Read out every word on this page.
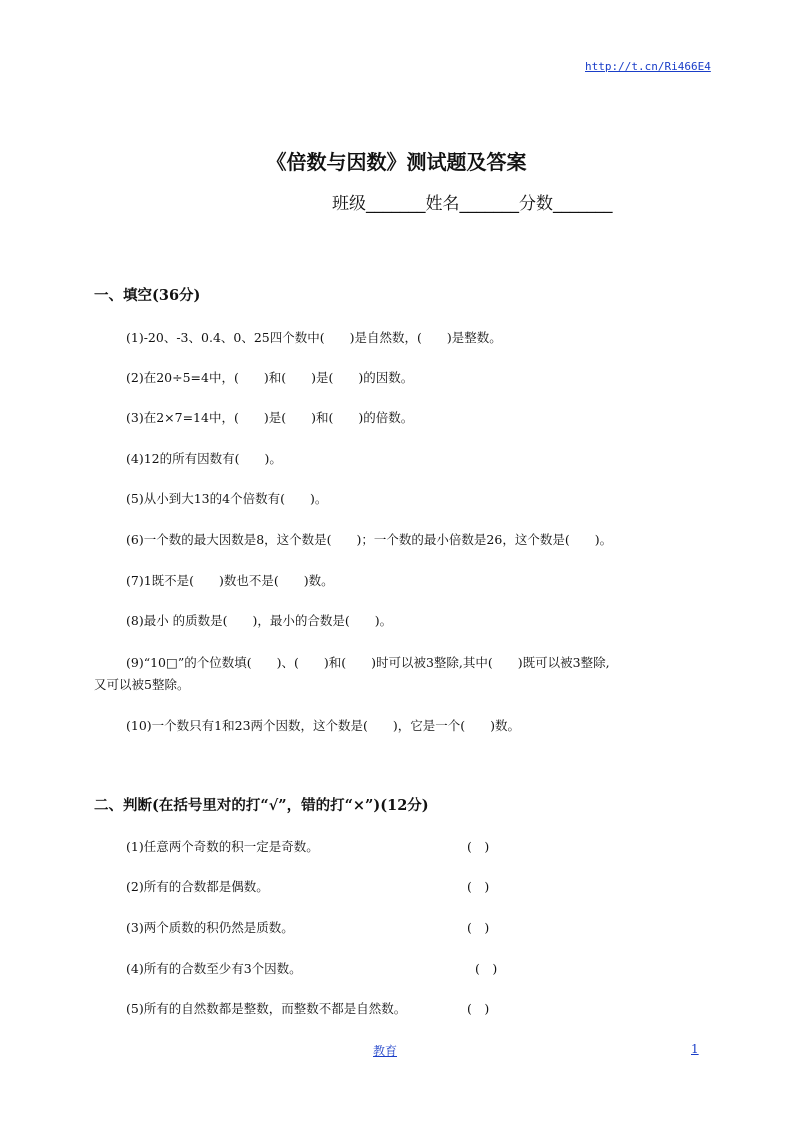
http://t.cn/Ri466E4
《倍数与因数》测试题及答案
班级_______姓名_______分数_______
一、填空(36分)
(1)-20、-3、0.4、0、25四个数中(　　)是自然数，(　　)是整数。
(2)在20÷5=4中，(　　)和(　　)是(　　)的因数。
(3)在2×7=14中，(　　)是(　　)和(　　)的倍数。
(4)12的所有因数有(　　)。
(5)从小到大13的4个倍数有(　　)。
(6)一个数的最大因数是8，这个数是(　　)；一个数的最小倍数是26，这个数是(　　)。
(7)1既不是(　　)数也不是(　　)数。
(8)最小 的质数是(　　)，最小的合数是(　　)。
(9)“10□”的个位数填(　　)、(　　)和(　　)时可以被3整除,其中(　　)既可以被3整除,
又可以被5整除。
(10)一个数只有1和23两个因数，这个数是(　　)，它是一个(　　)数。
二、判断(在括号里对的打“√”，错的打“×”)(12分)
(1)任意两个奇数的积一定是奇数。	(　)
(2)所有的合数都是偶数。	(　)
(3)两个质数的积仍然是质数。	(　)
(4)所有的合数至少有3个因数。	(　)
(5)所有的自然数都是整数，而整数不都是自然数。	(　)
教育	1
